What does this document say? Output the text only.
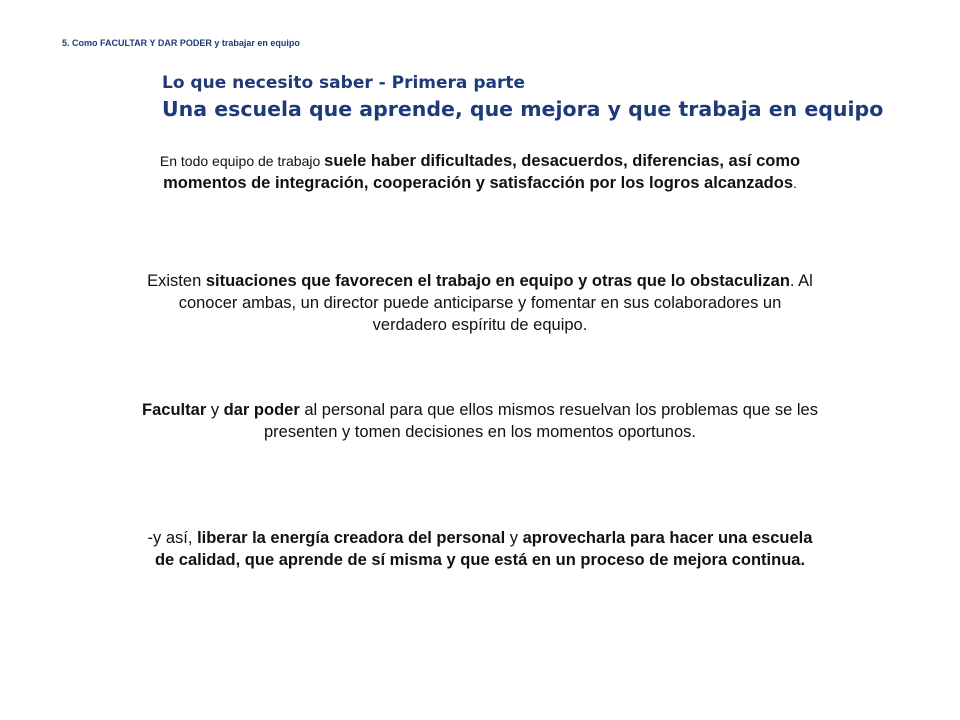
5. Como FACULTAR Y DAR PODER y trabajar en equipo
Lo que necesito saber - Primera parte
Una escuela que aprende, que mejora y que trabaja en equipo
En todo equipo de trabajo suele haber dificultades, desacuerdos, diferencias, así como momentos de integración, cooperación y satisfacción por los logros alcanzados.
Existen situaciones que favorecen el trabajo en equipo y otras que lo obstaculizan. Al conocer ambas, un director puede anticiparse y fomentar en sus colaboradores un verdadero espíritu de equipo.
Facultar y dar poder al personal para que ellos mismos resuelvan los problemas que se les presenten y tomen decisiones en los momentos oportunos.
-y así, liberar la energía creadora del personal y aprovecharla para hacer una escuela de calidad, que aprende de sí misma y que está en un proceso de mejora continua.
